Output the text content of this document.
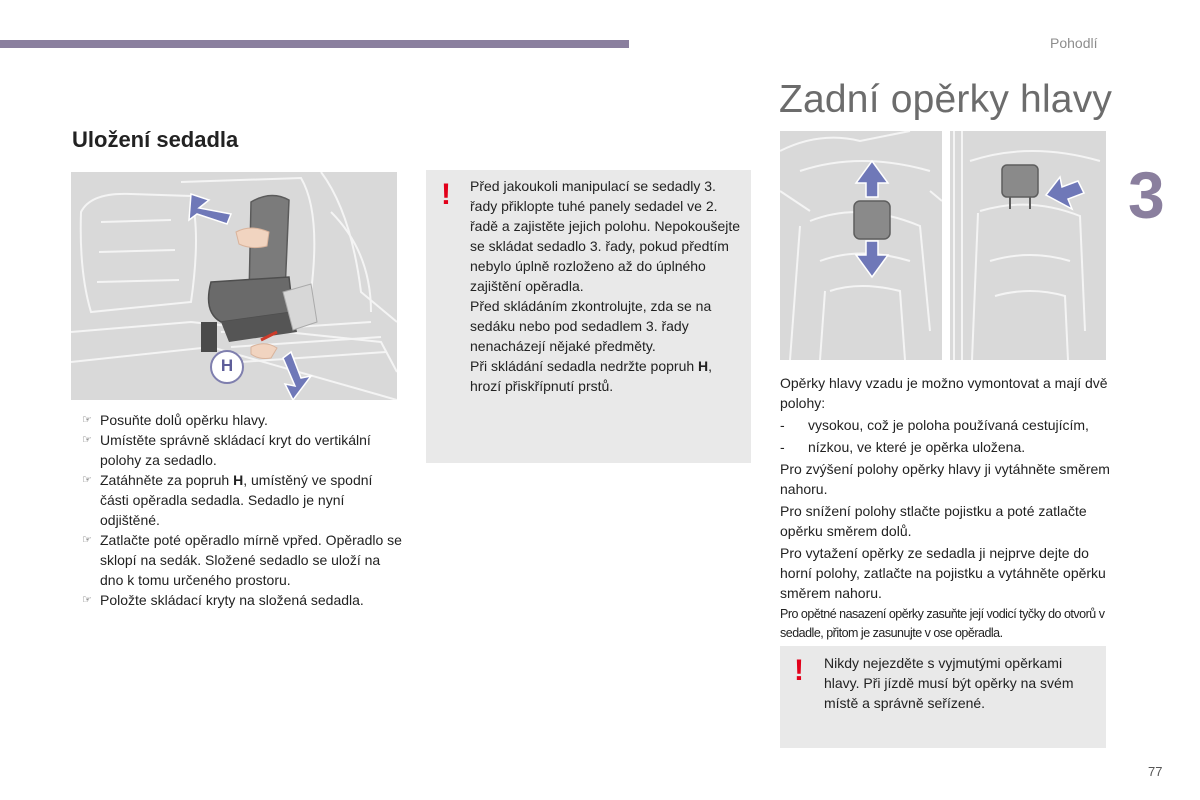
Pohodlí
3
Uložení sedadla
H
☞ Posuňte dolů opěrku hlavy.
☞ Umístěte správně skládací kryt do vertikální polohy za sedadlo.
☞ Zatáhněte za popruh H, umístěný ve spodní části opěradla sedadla. Sedadlo je nyní odjištěné.
☞ Zatlačte poté opěradlo mírně vpřed. Opěradlo se sklopí na sedák. Složené sedadlo se uloží na dno k tomu určeného prostoru.
☞ Položte skládací kryty na složená sedadla.
! Před jakoukoli manipulací se sedadly 3. řady přiklopte tuhé panely sedadel ve 2. řadě a zajistěte jejich polohu. Nepokoušejte se skládat sedadlo 3. řady, pokud předtím nebylo úplně rozloženo až do úplného zajištění opěradla.

Před skládáním zkontrolujte, zda se na sedáku nebo pod sedadlem 3. řady nenacházejí nějaké předměty.

Při skládání sedadla nedržte popruh H, hrozí přiskřípnutí prstů.

Zadní opěrky hlavy

Opěrky hlavy vzadu je možno vymontovat a mají dvě polohy:

- vysokou, což je poloha používaná cestujícím,

- nízkou, ve které je opěrka uložena.

Pro zvýšení polohy opěrky hlavy ji vytáhněte směrem nahoru.

Pro snížení polohy stlačte pojistku a poté zatlačte opěrku směrem dolů.

Pro vytažení opěrky ze sedadla ji nejprve dejte do horní polohy, zatlačte na pojistku a vytáhněte opěrku směrem nahoru.

Pro opětné nasazení opěrky zasuňte její vodicí tyčky do otvorů v sedadle, přitom je zasunujte v ose opěradla.

! Nikdy nejezděte s vyjmutými opěrkami hlavy. Při jízdě musí být opěrky na svém místě a správně seřízené.
77
